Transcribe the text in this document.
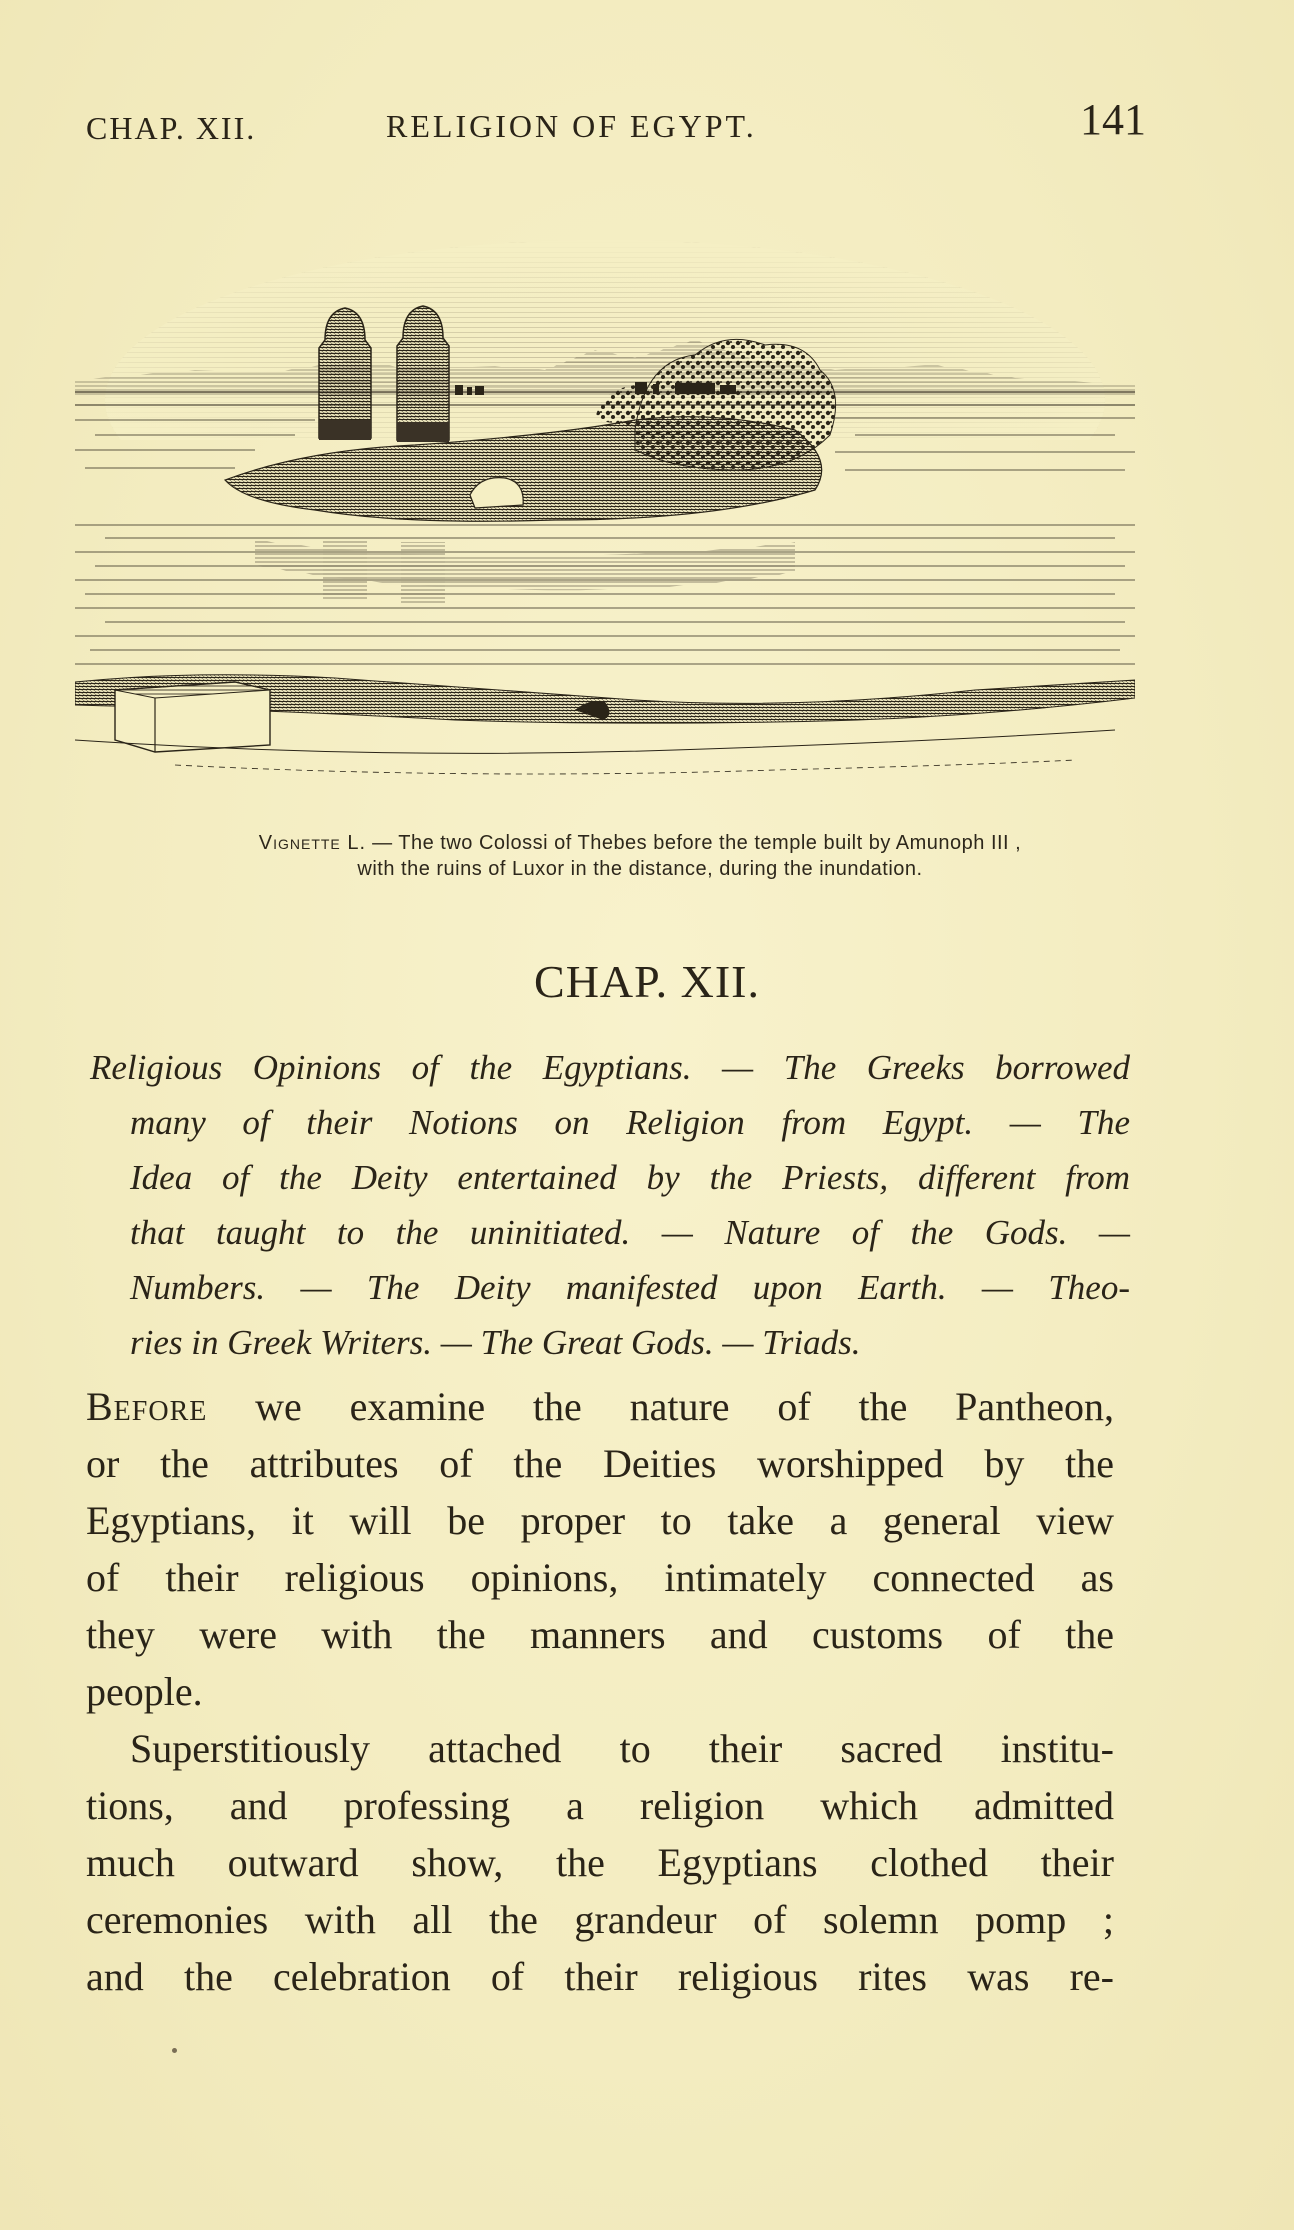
CHAP. XII.	RELIGION OF EGYPT.	141
Vignette L. — The two Colossi of Thebes before the temple built by Amunoph III ,
with the ruins of Luxor in the distance, during the inundation.
CHAP. XII.
Religious Opinions of the Egyptians. — The Greeks borrowed
many of their Notions on Religion from Egypt. — The
Idea of the Deity entertained by the Priests, different from
that taught to the uninitiated. — Nature of the Gods. —
Numbers. — The Deity manifested upon Earth. — Theo-
ries in Greek Writers. — The Great Gods. — Triads.
Before we examine the nature of the Pantheon,
or the attributes of the Deities worshipped by the
Egyptians, it will be proper to take a general view
of their religious opinions, intimately connected as
they were with the manners and customs of the
people.
Superstitiously attached to their sacred institu-
tions, and professing a religion which admitted
much outward show, the Egyptians clothed their
ceremonies with all the grandeur of solemn pomp ;
and the celebration of their religious rites was re-
